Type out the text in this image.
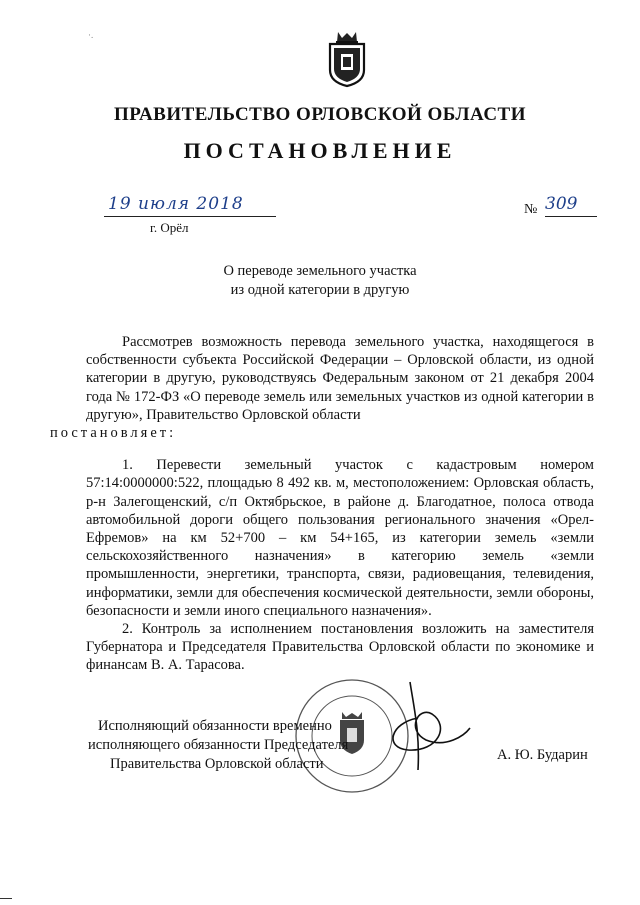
ПРАВИТЕЛЬСТВО ОРЛОВСКОЙ ОБЛАСТИ
ПОСТАНОВЛЕНИЕ
19 июля 2018
г. Орёл
№ 309
О переводе земельного участка
из одной категории в другую

Рассмотрев возможность перевода земельного участка, находящегося в собственности субъекта Российской Федерации – Орловской области, из одной категории в другую, руководствуясь Федеральным законом от 21 декабря 2004 года № 172-ФЗ «О переводе земель или земельных участков из одной категории в другую», Правительство Орловской области
постановляет:

1. Перевести земельный участок с кадастровым номером 57:14:0000000:522, площадью 8 492 кв. м, местоположением: Орловская область, р-н Залегощенский, с/п Октябрьское, в районе д. Благодатное, полоса отвода автомобильной дороги общего пользования регионального значения «Орел-Ефремов» на км 52+700 – км 54+165, из категории земель «земли сельскохозяйственного назначения» в категорию земель «земли промышленности, энергетики, транспорта, связи, радиовещания, телевидения, информатики, земли для обеспечения космической деятельности, земли обороны, безопасности и земли иного специального назначения».

2. Контроль за исполнением постановления возложить на заместителя Губернатора и Председателя Правительства Орловской области по экономике и финансам В. А. Тарасова.

Исполняющий обязанности временно
исполняющего обязанности Председателя
Правительства Орловской области
А. Ю. Бударин
·.
